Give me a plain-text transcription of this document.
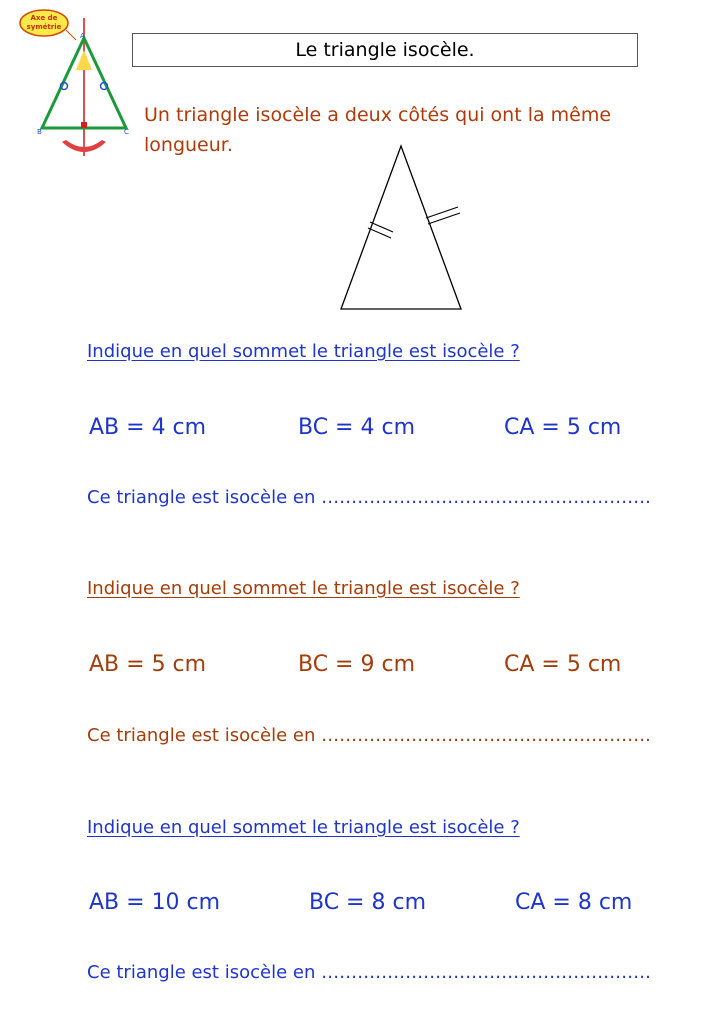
Axe de
symétrie
A
B	C
Le triangle isocèle.
Un triangle isocèle a deux côtés qui ont la même longueur.
Indique en quel sommet le triangle est isocèle ?
AB = 4 cm	BC = 4 cm	CA = 5 cm
Ce triangle est isocèle en ……………………………………………….
Indique en quel sommet le triangle est isocèle ?
AB = 5 cm	BC = 9 cm	CA = 5 cm
Ce triangle est isocèle en ……………………………………………….
Indique en quel sommet le triangle est isocèle ?
AB = 10 cm	BC = 8 cm	CA = 8 cm
Ce triangle est isocèle en ……………………………………………….
